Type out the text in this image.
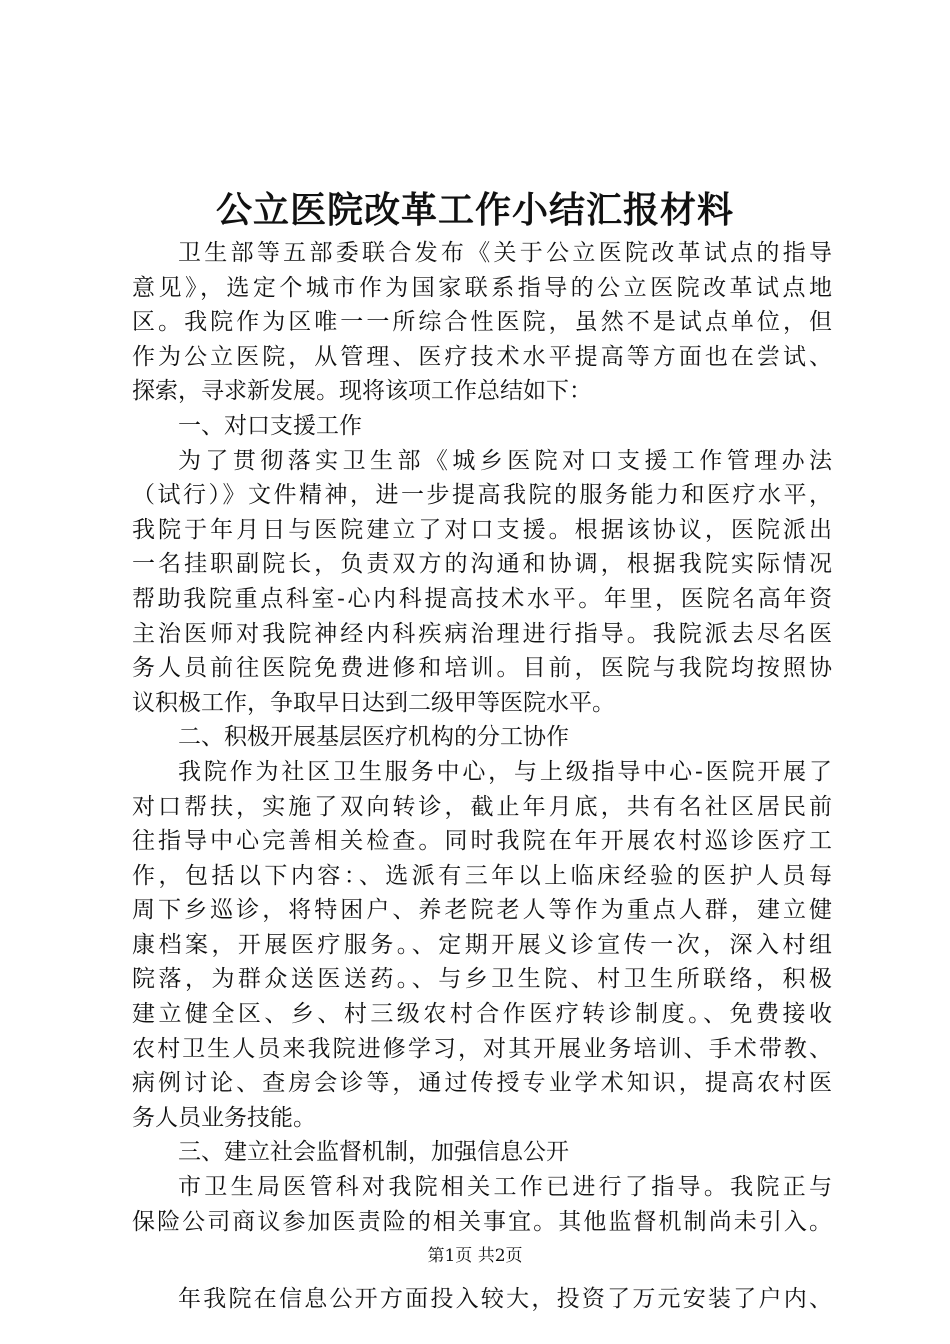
公立医院改革工作小结汇报材料
卫生部等五部委联合发布《关于公立医院改革试点的指导
意见》，选定个城市作为国家联系指导的公立医院改革试点地
区。我院作为区唯一一所综合性医院，虽然不是试点单位，但
作为公立医院，从管理、医疗技术水平提高等方面也在尝试、
探索，寻求新发展。现将该项工作总结如下：
一、对口支援工作
为了贯彻落实卫生部《城乡医院对口支援工作管理办法
（试行）》文件精神，进一步提高我院的服务能力和医疗水平，
我院于年月日与医院建立了对口支援。根据该协议，医院派出
一名挂职副院长，负责双方的沟通和协调，根据我院实际情况
帮助我院重点科室-心内科提高技术水平。年里，医院名高年资
主治医师对我院神经内科疾病治理进行指导。我院派去尽名医
务人员前往医院免费进修和培训。目前，医院与我院均按照协
议积极工作，争取早日达到二级甲等医院水平。
二、积极开展基层医疗机构的分工协作
我院作为社区卫生服务中心，与上级指导中心-医院开展了
对口帮扶，实施了双向转诊，截止年月底，共有名社区居民前
往指导中心完善相关检查。同时我院在年开展农村巡诊医疗工
作，包括以下内容：、选派有三年以上临床经验的医护人员每
周下乡巡诊，将特困户、养老院老人等作为重点人群，建立健
康档案，开展医疗服务。、定期开展义诊宣传一次，深入村组
院落，为群众送医送药。、与乡卫生院、村卫生所联络，积极
建立健全区、乡、村三级农村合作医疗转诊制度。、免费接收
农村卫生人员来我院进修学习，对其开展业务培训、手术带教、
病例讨论、查房会诊等，通过传授专业学术知识，提高农村医
务人员业务技能。
三、建立社会监督机制，加强信息公开
市卫生局医管科对我院相关工作已进行了指导。我院正与
保险公司商议参加医责险的相关事宜。其他监督机制尚未引入。
年我院在信息公开方面投入较大，投资了万元安装了户内、
第1页 共2页
